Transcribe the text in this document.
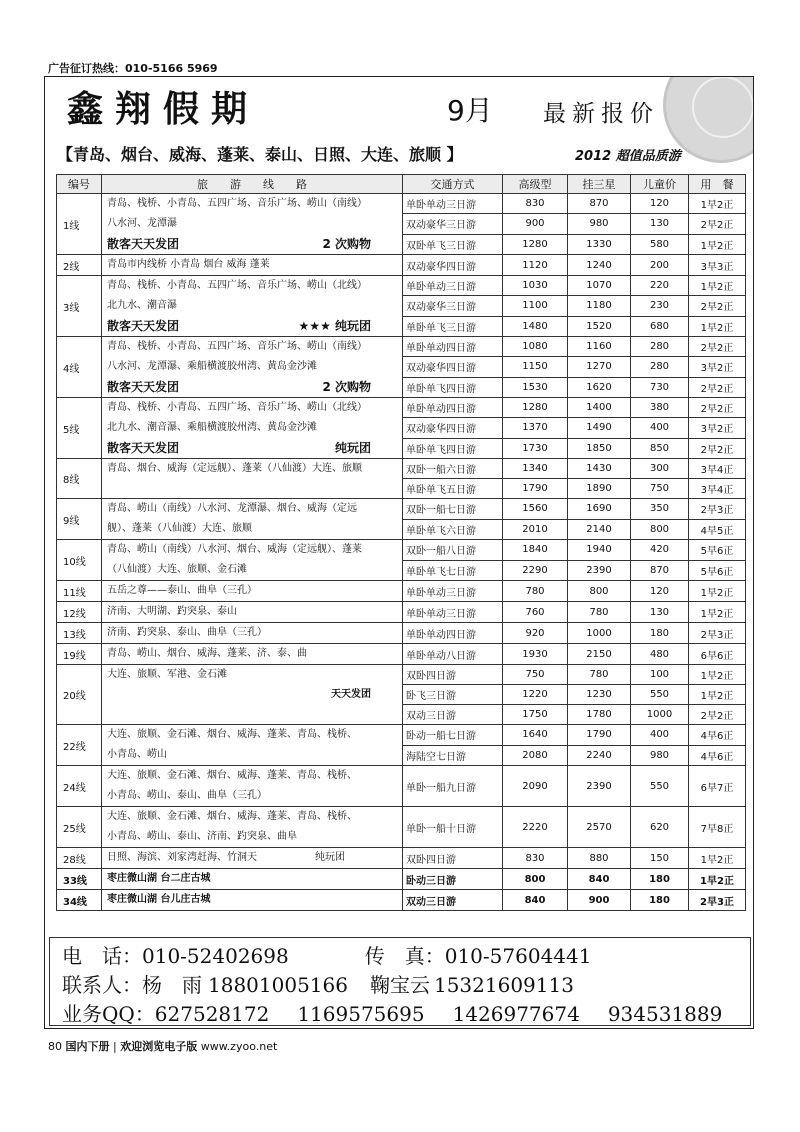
广告征订热线：010-5166 5969
鑫翔假期	9月 最新报价
【青岛、烟台、威海、蓬莱、泰山、日照、大连、旅顺 】	2012 超值品质游
编号	旅　　游　　线　　路	交通方式	高级型	挂三星	儿童价	用　餐
1线	青岛、栈桥、小青岛、五四广场、音乐广场、崂山（南线）
八水河、龙潭瀑
散客天天发团 2 次购物	单卧单动三日游	830	870	120	1早2正
		双动豪华三日游	900	980	130	2早2正
		双卧单飞三日游	1280	1330	580	1早2正
2线	青岛市内线桥 小青岛 烟台 威海 蓬莱	双动豪华四日游	1120	1240	200	3早3正
3线	青岛、栈桥、小青岛、五四广场、音乐广场、崂山（北线）
北九水、潮音瀑
散客天天发团 ★★★ 纯玩团	单卧单动三日游	1030	1070	220	1早2正
		双动豪华三日游	1100	1180	230	2早2正
		单卧单飞三日游	1480	1520	680	1早2正
4线	青岛、栈桥、小青岛、五四广场、音乐广场、崂山（南线）
八水河、龙潭瀑、乘船横渡胶州湾、黄岛金沙滩
散客天天发团 2 次购物	单卧单动四日游	1080	1160	280	2早2正
		双动豪华四日游	1150	1270	280	3早2正
		单卧单飞四日游	1530	1620	730	2早2正
5线	青岛、栈桥、小青岛、五四广场、音乐广场、崂山（北线）
北九水、潮音瀑、乘船横渡胶州湾、黄岛金沙滩
散客天天发团 纯玩团	单卧单动四日游	1280	1400	380	2早2正
		双动豪华四日游	1370	1490	400	3早2正
		单卧单飞四日游	1730	1850	850	2早2正
8线	青岛、烟台、威海（定远舰）、蓬莱（八仙渡）大连、旅顺	双卧一船六日游	1340	1430	300	3早4正
		单卧单飞五日游	1790	1890	750	3早4正
9线	青岛、崂山（南线）八水河、龙潭瀑、烟台、威海（定远
舰）、蓬莱（八仙渡）大连、旅顺	双卧一船七日游	1560	1690	350	2早3正
		单卧单飞六日游	2010	2140	800	4早5正
10线	青岛、崂山（南线）八水河、烟台、威海（定远舰）、蓬莱
（八仙渡）大连、旅顺、金石滩	双卧一船八日游	1840	1940	420	5早6正
		单卧单飞七日游	2290	2390	870	5早6正
11线	五岳之尊——泰山、曲阜（三孔）	单卧单动三日游	780	800	120	1早2正
12线	济南、大明湖、趵突泉、泰山	单卧单动三日游	760	780	130	1早2正
13线	济南、趵突泉、泰山、曲阜（三孔）	单卧单动四日游	920	1000	180	2早3正
19线	青岛、崂山、烟台、威海、蓬莱、济、泰、曲	单卧单动八日游	1930	2150	480	6早6正
20线	大连、旅顺、军港、金石滩
天天发团	双卧四日游	750	780	100	1早2正
		卧飞三日游	1220	1230	550	1早2正
		双动三日游	1750	1780	1000	2早2正
22线	大连、旅顺、金石滩、烟台、威海、蓬莱、青岛、栈桥、
小青岛、崂山	卧动一船七日游	1640	1790	400	4早6正
		海陆空七日游	2080	2240	980	4早6正
24线	大连、旅顺、金石滩、烟台、威海、蓬莱、青岛、栈桥、
小青岛、崂山、泰山、曲阜（三孔）	单卧一船九日游	2090	2390	550	6早7正
25线	大连、旅顺、金石滩、烟台、威海、蓬莱、青岛、栈桥、
小青岛、崂山、泰山、济南、趵突泉、曲阜	单卧一船十日游	2220	2570	620	7早8正
28线	日照、海滨、刘家湾赶海、竹洞天 纯玩团	双卧四日游	830	880	150	1早2正
33线	枣庄微山湖 台二庄古城	卧动三日游	800	840	180	1早2正
34线	枣庄微山湖 台儿庄古城	双动三日游	840	900	180	2早3正
电　话：010-52402698	传　真：010-57604441
联系人：杨　雨 18801005166 鞠宝云 15321609113
业务QQ：627528172 1169575695 1426977674 934531889
80 国内下册 | 欢迎浏览电子版 www.zyoo.net
